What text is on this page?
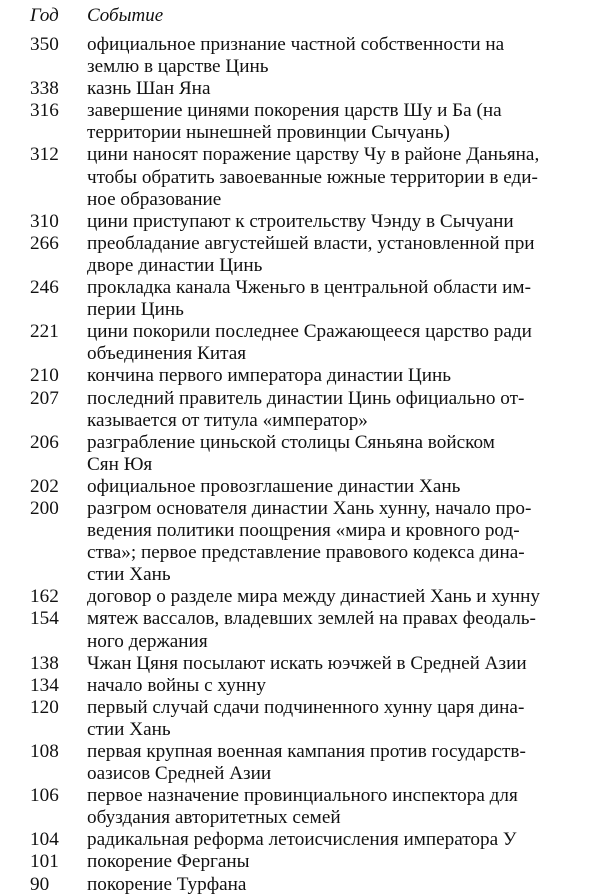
Год	Событие
350	официальное признание частной собственности на
землю в царстве Цинь
338	казнь Шан Яна
316	завершение цинями покорения царств Шу и Ба (на
территории нынешней провинции Сычуань)
312	цини наносят поражение царству Чу в районе Даньяна,
чтобы обратить завоеванные южные территории в еди-
ное образование
310	цини приступают к строительству Чэнду в Сычуани
266	преобладание августейшей власти, установленной при
дворе династии Цинь
246	прокладка канала Чженьго в центральной области им-
перии Цинь
221	цини покорили последнее Сражающееся царство ради
объединения Китая
210	кончина первого императора династии Цинь
207	последний правитель династии Цинь официально от-
казывается от титула «император»
206	разграбление циньской столицы Сяньяна войском
Сян Юя
202	официальное провозглашение династии Хань
200	разгром основателя династии Хань хунну, начало про-
ведения политики поощрения «мира и кровного род-
ства»; первое представление правового кодекса дина-
стии Хань
162	договор о разделе мира между династией Хань и хунну
154	мятеж вассалов, владевших землей на правах феодаль-
ного держания
138	Чжан Цяня посылают искать юэчжей в Средней Азии
134	начало войны с хунну
120	первый случай сдачи подчиненного хунну царя дина-
стии Хань
108	первая крупная военная кампания против государств-
оазисов Средней Азии
106	первое назначение провинциального инспектора для
обуздания авторитетных семей
104	радикальная реформа летоисчисления императора У
101	покорение Ферганы
90	покорение Турфана
